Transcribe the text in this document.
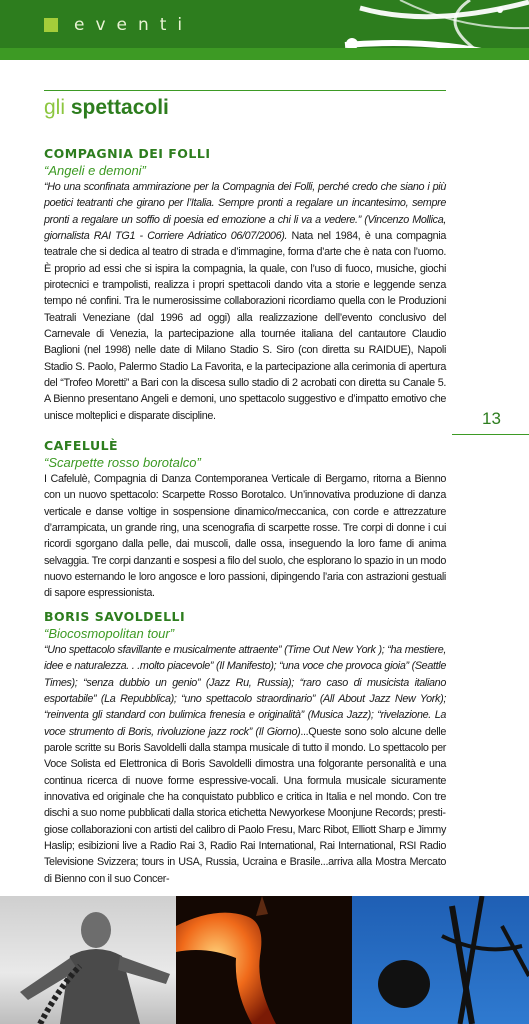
eventi
gli spettacoli
13
COMPAGNIA DEI FOLLI
“Angeli e demoni”
“Ho una sconfinata ammirazione per la Compagnia dei Folli, perché credo che siano i più poetici teatranti che girano per l’Italia. Sempre pronti a regalare un incantesimo, sempre pronti a regalare un soffio di poesia ed emozione a chi li va a vedere.” (Vincenzo Mollica, giornalista RAI TG1 - Corriere Adriatico 06/07/2006). Nata nel 1984, è una compagnia teatrale che si dedica al teatro di strada e d’immagine, forma d’arte che è nata con l’uomo. È proprio ad essi che si ispira la compagnia, la quale, con l’uso di fuoco, musiche, giochi pirotecnici e trampolisti, realizza i propri spettacoli dando vita a storie e leggende senza tempo né confini. Tra le numerosissime collaborazioni ricordiamo quella con le Produzioni Teatrali Veneziane (dal 1996 ad oggi) alla realizzazione dell’evento conclusivo del Carnevale di Venezia, la partecipazione alla tournée italiana del cantautore Claudio Baglioni (nel 1998) nelle date di Milano Stadio S. Siro (con diretta su RAIDUE), Napoli Stadio S. Paolo, Palermo Stadio La Favorita, e la partecipazione alla cerimonia di apertura del “Trofeo Moretti” a Bari con la discesa sullo stadio di 2 acrobati con diretta su Canale 5. A Bienno presentano Angeli e demoni, uno spettacolo suggestivo e d’impatto emotivo che unisce molteplici e disparate discipline.
CAFELULÈ
“Scarpette rosso borotalco”
I Cafelulè, Compagnia di Danza Contemporanea Verticale di Bergamo, ritorna a Bienno con un nuovo spettacolo: Scarpette Rosso Borotalco. Un’innovativa produzione di danza verticale e danse voltige in sospensione dinamico/meccanica, con corde e attrezzature d’arrampicata, un grande ring, una scenografia di scarpette rosse. Tre corpi di donne i cui ricordi sgorgano dalla pelle, dai muscoli, dalle ossa, inseguendo la loro fame di anima selvaggia. Tre corpi danzanti e sospesi a filo del suolo, che esplorano lo spazio in un modo nuovo esternando le loro angosce e loro passioni, dipingendo l’aria con astrazioni gestuali di sapore espressionista.
BORIS SAVOLDELLI
“Biocosmopolitan tour”
“Uno spettacolo sfavillante e musicalmente attraente” (Time Out New York ); “ha mestiere, idee e naturalezza. . .molto piacevole” (Il Manifesto); “una voce che provoca gioia” (Seattle Times); “senza dubbio un genio” (Jazz Ru, Russia); “raro caso di musicista italiano esportabile” (La Repubblica); “uno spettacolo straordinario” (All About Jazz New York); “reinventa gli standard con bulimica frenesia e originalità” (Musica Jazz); “rivelazione. La voce strumento di Boris, rivoluzione jazz rock” (Il Giorno)...Queste sono solo alcune delle parole scritte su Boris Savoldelli dalla stampa musicale di tutto il mondo. Lo spettacolo per Voce Solista ed Elettronica di Boris Savoldelli dimostra una folgorante personalità e una continua ricerca di nuove forme espressive-vocali. Una formula musicale sicuramente innovativa ed originale che ha conquistato pubblico e critica in Italia e nel mondo. Con tre dischi a suo nome pubblicati dalla storica etichetta Newyorkese Moonjune Records; prestigiose collaborazioni con artisti del calibro di Paolo Fresu, Marc Ribot, Elliott Sharp e Jimmy Haslip; esibizioni live a Radio Rai 3, Radio Rai International, Rai International, RSI Radio Televisione Svizzera; tours in USA, Russia, Ucraina e Brasile...arriva alla Mostra Mercato di Bienno con il suo Concer-
